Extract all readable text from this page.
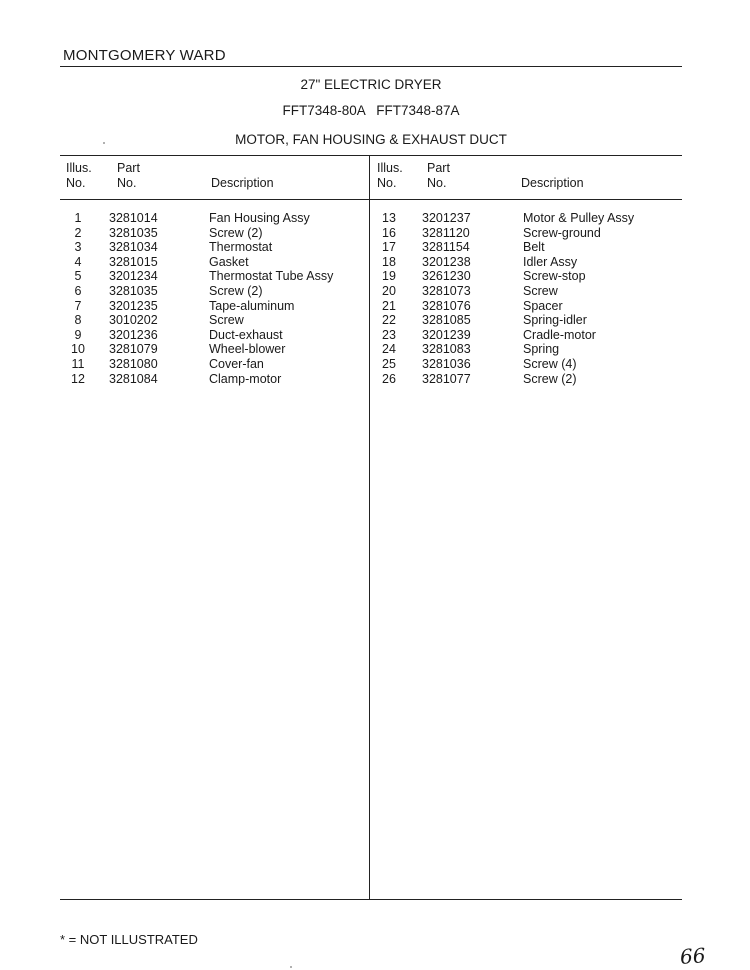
MONTGOMERY WARD
27" ELECTRIC DRYER
FFT7348-80A   FFT7348-87A
MOTOR, FAN HOUSING & EXHAUST DUCT
Illus.
No.
Part
No.	Description
Illus.
No.
Part
No.	Description
1	3281014	Fan Housing Assy
2	3281035	Screw (2)
3	3281034	Thermostat
4	3281015	Gasket
5	3201234	Thermostat Tube Assy
6	3281035	Screw (2)
7	3201235	Tape-aluminum
8	3010202	Screw
9	3201236	Duct-exhaust
10	3281079	Wheel-blower
11	3281080	Cover-fan
12	3281084	Clamp-motor
13	3201237	Motor & Pulley Assy
16	3281120	Screw-ground
17	3281154	Belt
18	3201238	Idler Assy
19	3261230	Screw-stop
20	3281073	Screw
21	3281076	Spacer
22	3281085	Spring-idler
23	3201239	Cradle-motor
24	3281083	Spring
25	3281036	Screw (4)
26	3281077	Screw (2)
* = NOT ILLUSTRATED
66
